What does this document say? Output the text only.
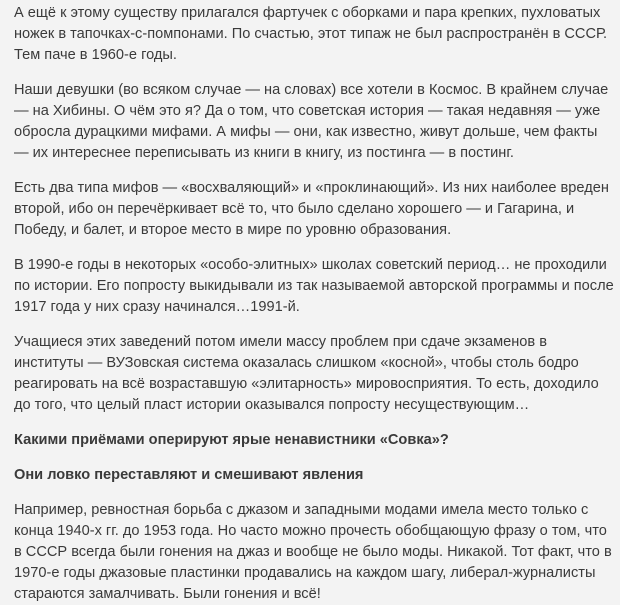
А ещё к этому существу прилагался фартучек с оборками и пара крепких, пухловатых ножек в тапочках-с-помпонами. По счастью, этот типаж не был распространён в СССР. Тем паче в 1960-е годы.

Наши девушки (во всяком случае — на словах) все хотели в Космос. В крайнем случае — на Хибины. О чём это я? Да о том, что советская история — такая недавняя — уже обросла дурацкими мифами. А мифы — они, как известно, живут дольше, чем факты — их интереснее переписывать из книги в книгу, из постинга — в постинг.

Есть два типа мифов — «восхваляющий» и «проклинающий». Из них наиболее вреден второй, ибо он перечёркивает всё то, что было сделано хорошего — и Гагарина, и Победу, и балет, и второе место в мире по уровню образования.

В 1990-е годы в некоторых «особо-элитных» школах советский период… не проходили по истории. Его попросту выкидывали из так называемой авторской программы и после 1917 года у них сразу начинался…1991-й.

Учащиеся этих заведений потом имели массу проблем при сдаче экзаменов в институты — ВУЗовская система оказалась слишком «косной», чтобы столь бодро реагировать на всё возраставшую «элитарность» мировосприятия. То есть, доходило до того, что целый пласт истории оказывался попросту несуществующим…

Какими приёмами оперируют ярые ненавистники «Совка»?
Они ловко переставляют и смешивают явления

Например, ревностная борьба с джазом и западными модами имела место только с конца 1940-х гг. до 1953 года. Но часто можно прочесть обобщающую фразу о том, что в СССР всегда были гонения на джаз и вообще не было моды. Никакой. Тот факт, что в 1970-е годы джазовые пластинки продавались на каждом шагу, либерал-журналисты стараются замалчивать. Были гонения и всё!
